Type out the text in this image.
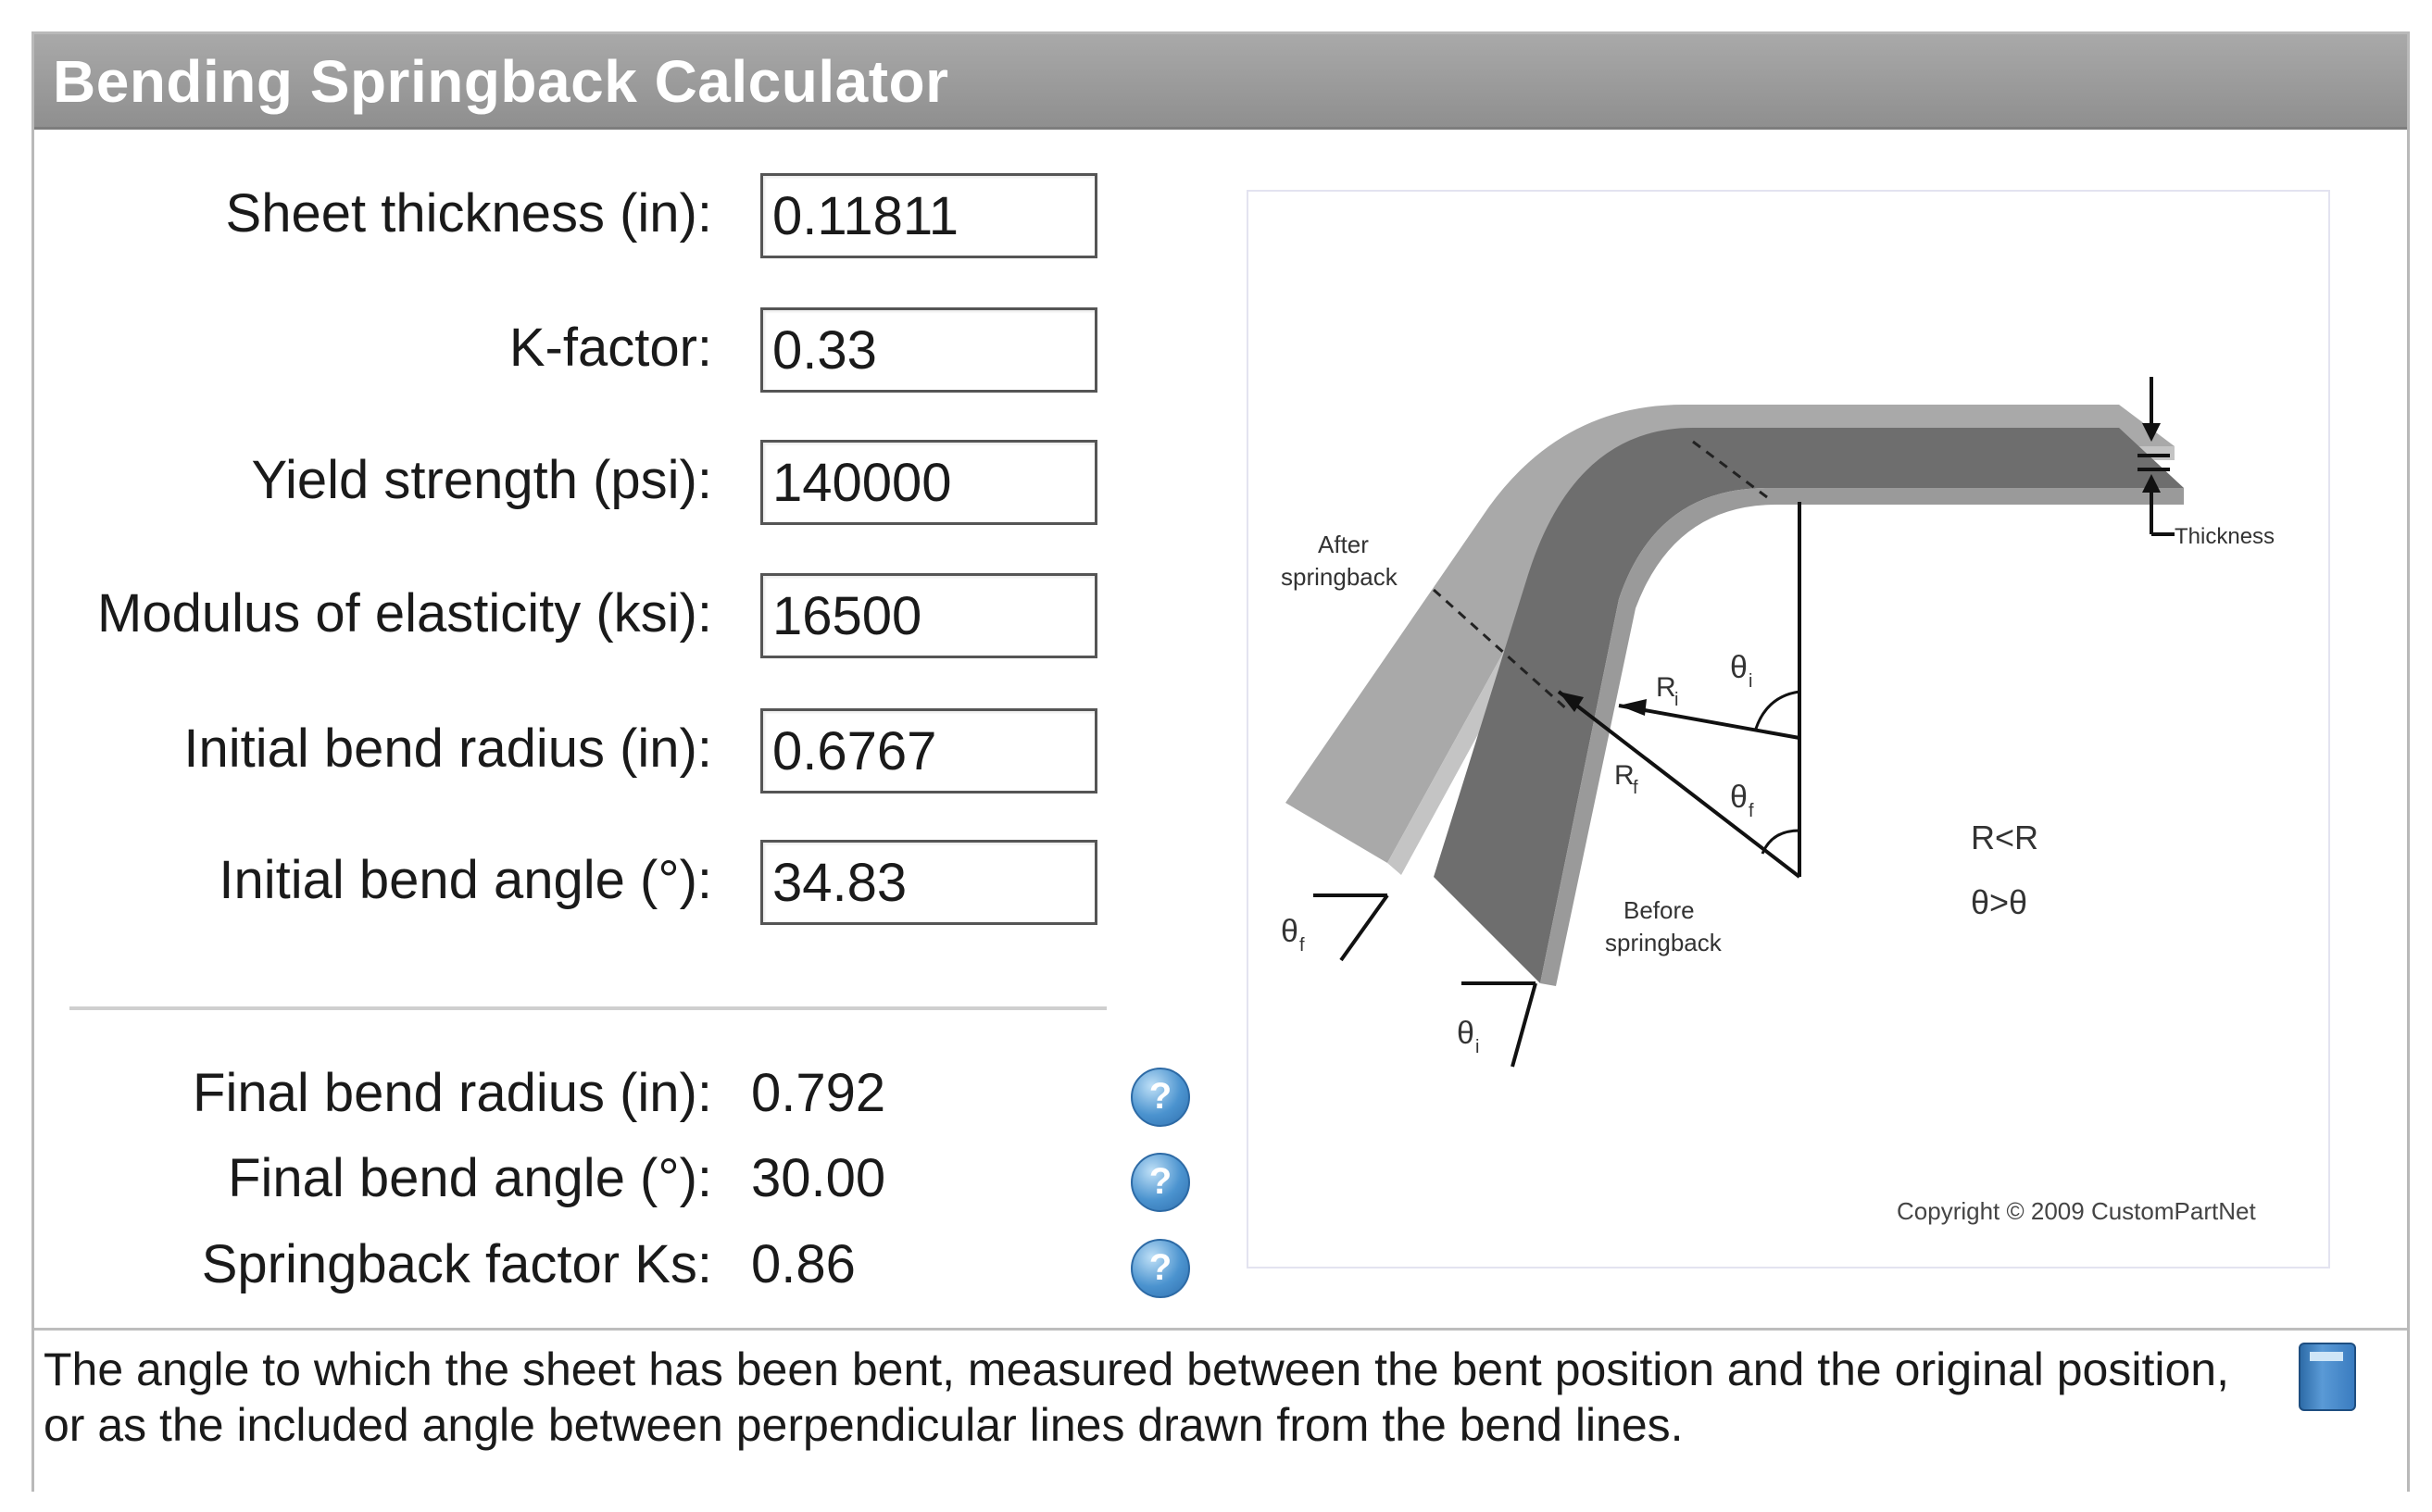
Bending Springback Calculator
Sheet thickness (in):
0.11811
K-factor:
0.33
Yield strength (psi):
140000
Modulus of elasticity (ksi):
16500
Initial bend radius (in):
0.6767
Initial bend angle (°):
34.83
Final bend radius (in): 0.792	?
Final bend angle (°): 30.00	?
Springback factor Ks: 0.86	?
After
springback
Before
springback
Thickness
R
i
R
f
θ i
θ f
θ f
θ i
R<R
θ>θ
Copyright © 2009 CustomPartNet
The angle to which the sheet has been bent, measured between the bent position and the original position,
or as the included angle between perpendicular lines drawn from the bend lines.
